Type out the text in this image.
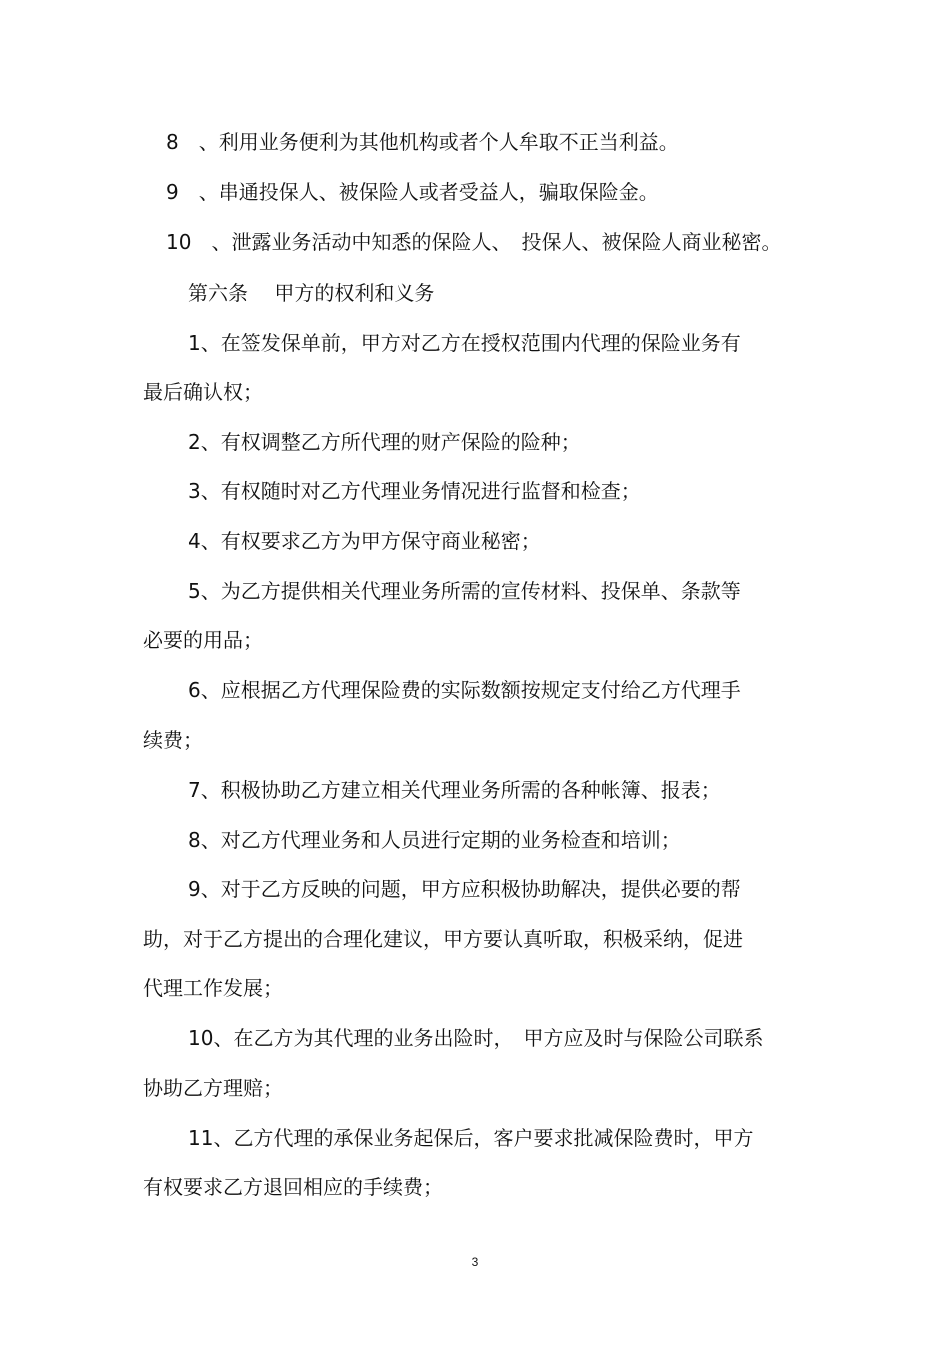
8　、利用业务便利为其他机构或者个人牟取不正当利益。
9　、串通投保人、被保险人或者受益人，骗取保险金。
10　、泄露业务活动中知悉的保险人、　投保人、被保险人商业秘密。
第六条　 甲方的权利和义务
1、在签发保单前，甲方对乙方在授权范围内代理的保险业务有
最后确认权；
2、有权调整乙方所代理的财产保险的险种；
3、有权随时对乙方代理业务情况进行监督和检查；
4、有权要求乙方为甲方保守商业秘密；
5、为乙方提供相关代理业务所需的宣传材料、投保单、条款等
必要的用品；
6、应根据乙方代理保险费的实际数额按规定支付给乙方代理手
续费；
7、积极协助乙方建立相关代理业务所需的各种帐簿、报表；
8、对乙方代理业务和人员进行定期的业务检查和培训；
9、对于乙方反映的问题，甲方应积极协助解决，提供必要的帮
助，对于乙方提出的合理化建议，甲方要认真听取，积极采纳，促进
代理工作发展；
10、在乙方为其代理的业务出险时，　甲方应及时与保险公司联系
协助乙方理赔；
11、乙方代理的承保业务起保后，客户要求批减保险费时，甲方
有权要求乙方退回相应的手续费；
3
